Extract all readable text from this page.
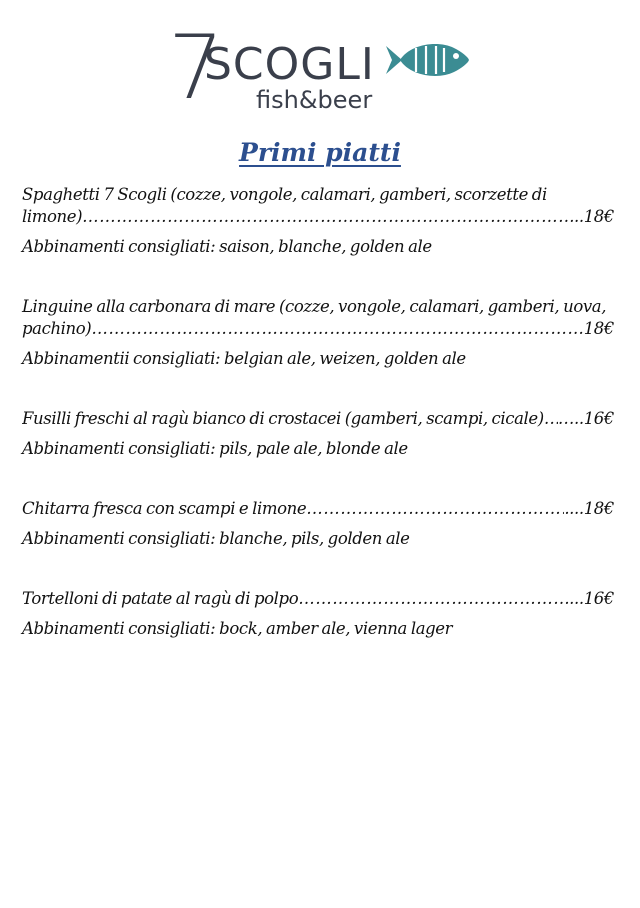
7
SCOGLI
fish&beer
Primi piatti
Spaghetti 7 Scogli (cozze, vongole, calamari, gamberi, scorzette di
limone) ……………………………………………………………………………………………………………………………………	..18€
Abbinamenti consigliati: saison, blanche, golden ale
Linguine alla carbonara di mare (cozze, vongole, calamari, gamberi, uova,
pachino) ……………………………………………………………………………………………………………………………………	18€
Abbinamentii consigliati: belgian ale, weizen, golden ale
Fusilli freschi al ragù bianco di crostacei (gamberi, scampi, cicale) …………………………………………………………………………………………………………………………………… …..16€
Abbinamenti consigliati: pils, pale ale, blonde ale
Chitarra fresca con scampi e limone ……………………………………………………………………………………………………………………………………	....18€
Abbinamenti consigliati: blanche, pils, golden ale
Tortelloni di patate al ragù di polpo ……………………………………………………………………………………………………………………………………	...16€
Abbinamenti consigliati: bock, amber ale, vienna lager
